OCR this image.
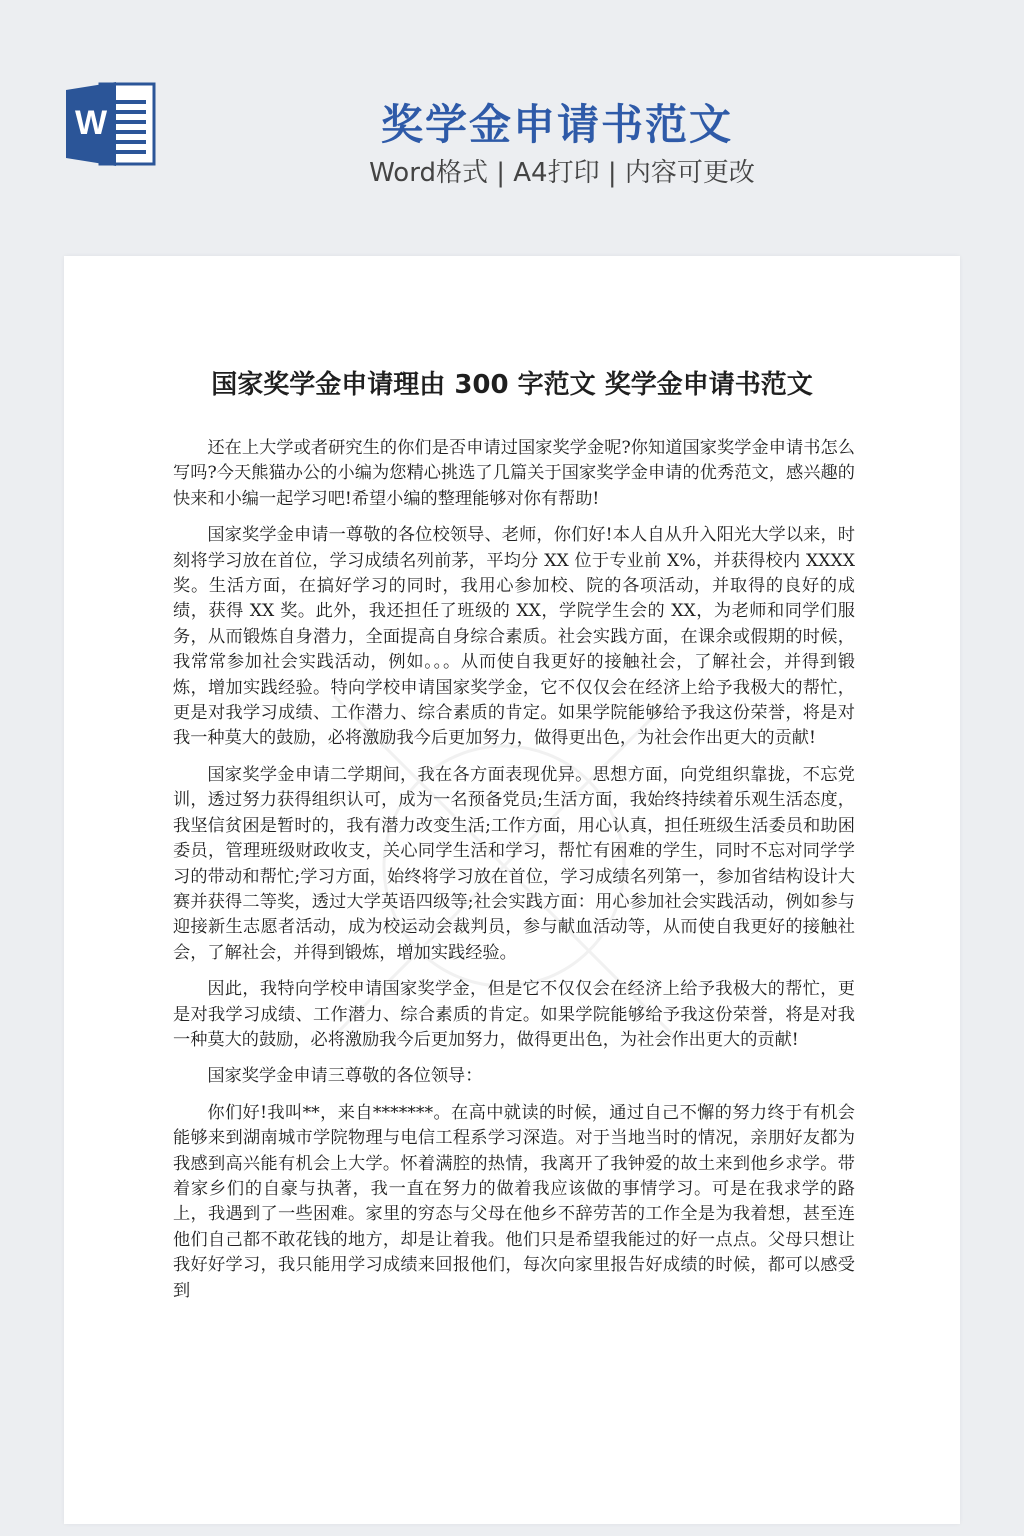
W	奖学金申请书范文
Word格式 | A4打印 | 内容可更改
国家奖学金申请理由 300 字范文 奖学金申请书范文

还在上大学或者研究生的你们是否申请过国家奖学金呢?你知道国家奖学金申请书怎么写吗?今天熊猫办公的小编为您精心挑选了几篇关于国家奖学金申请的优秀范文，感兴趣的快来和小编一起学习吧!希望小编的整理能够对你有帮助!

国家奖学金申请一尊敬的各位校领导、老师，你们好!本人自从升入阳光大学以来，时刻将学习放在首位，学习成绩名列前茅，平均分 XX 位于专业前 X%，并获得校内 XXXX 奖。生活方面，在搞好学习的同时，我用心参加校、院的各项活动，并取得的良好的成绩，获得 XX 奖。此外，我还担任了班级的 XX，学院学生会的 XX，为老师和同学们服务，从而锻炼自身潜力，全面提高自身综合素质。社会实践方面，在课余或假期的时候，我常常参加社会实践活动，例如。。。从而使自我更好的接触社会，了解社会，并得到锻炼，增加实践经验。特向学校申请国家奖学金，它不仅仅会在经济上给予我极大的帮忙，更是对我学习成绩、工作潜力、综合素质的肯定。如果学院能够给予我这份荣誉，将是对我一种莫大的鼓励，必将激励我今后更加努力，做得更出色，为社会作出更大的贡献!

国家奖学金申请二学期间，我在各方面表现优异。思想方面，向党组织靠拢，不忘党训，透过努力获得组织认可，成为一名预备党员;生活方面，我始终持续着乐观生活态度，我坚信贫困是暂时的，我有潜力改变生活;工作方面，用心认真，担任班级生活委员和助困委员，管理班级财政收支，关心同学生活和学习，帮忙有困难的学生，同时不忘对同学学习的带动和帮忙;学习方面，始终将学习放在首位，学习成绩名列第一，参加省结构设计大赛并获得二等奖，透过大学英语四级等;社会实践方面：用心参加社会实践活动，例如参与迎接新生志愿者活动，成为校运动会裁判员，参与献血活动等，从而使自我更好的接触社会，了解社会，并得到锻炼，增加实践经验。

因此，我特向学校申请国家奖学金，但是它不仅仅会在经济上给予我极大的帮忙，更是对我学习成绩、工作潜力、综合素质的肯定。如果学院能够给予我这份荣誉，将是对我一种莫大的鼓励，必将激励我今后更加努力，做得更出色，为社会作出更大的贡献!

国家奖学金申请三尊敬的各位领导：

你们好!我叫**，来自*******。在高中就读的时候，通过自己不懈的努力终于有机会能够来到湖南城市学院物理与电信工程系学习深造。对于当地当时的情况，亲朋好友都为我感到高兴能有机会上大学。怀着满腔的热情，我离开了我钟爱的故土来到他乡求学。带着家乡们的自豪与执著，我一直在努力的做着我应该做的事情学习。可是在我求学的路上，我遇到了一些困难。家里的穷态与父母在他乡不辞劳苦的工作全是为我着想，甚至连他们自己都不敢花钱的地方，却是让着我。他们只是希望我能过的好一点点。父母只想让我好好学习，我只能用学习成绩来回报他们，每次向家里报告好成绩的时候，都可以感受到
